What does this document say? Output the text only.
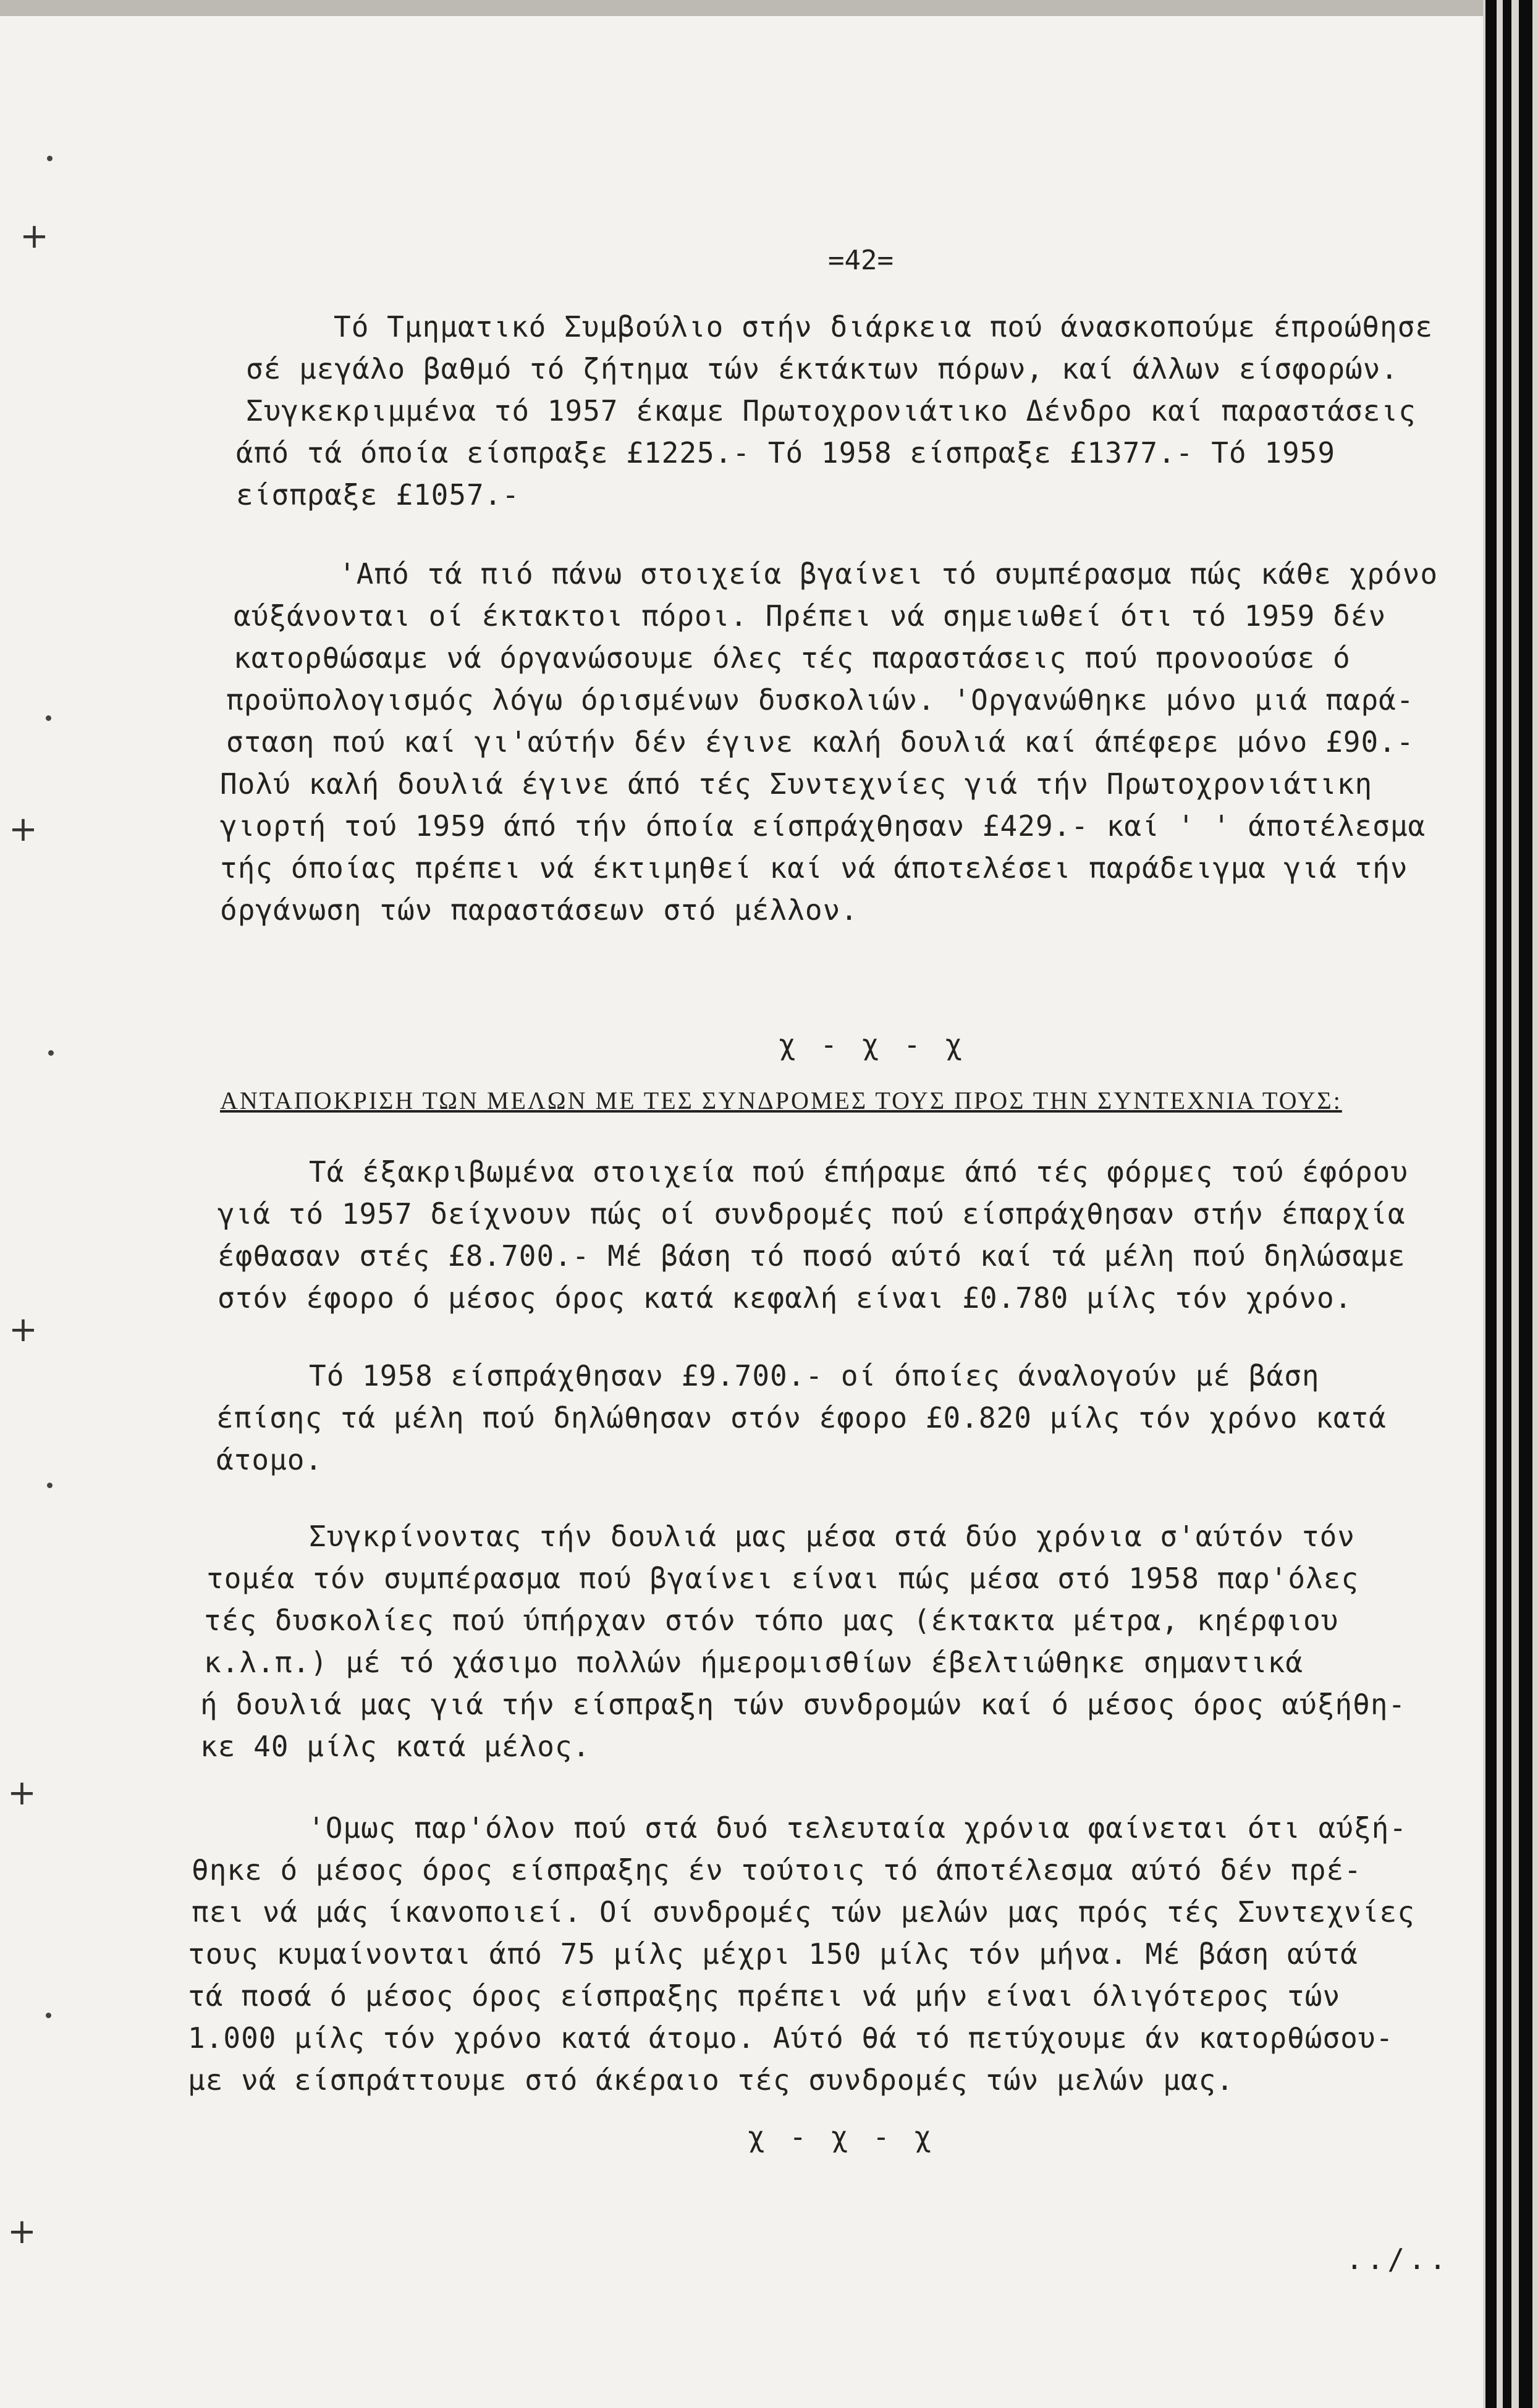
+
+
+
+
+
=42=
Τό Τμηματικό Συμβούλιο στήν διάρκεια πού άνασκοπούμε έπροώθησε
σέ μεγάλο βαθμό τό ζήτημα τών έκτάκτων πόρων, καί άλλων είσφορών.
Συγκεκριμμένα τό 1957 έκαμε Πρωτοχρονιάτικο Δένδρο καί παραστάσεις
άπό τά όποία είσπραξε £1225.- Τό 1958 είσπραξε £1377.- Τό 1959
είσπραξε £1057.-
'Από τά πιό πάνω στοιχεία βγαίνει τό συμπέρασμα πώς κάθε χρόνο
αύξάνονται οί έκτακτοι πόροι. Πρέπει νά σημειωθεί ότι τό 1959 δέν
κατορθώσαμε νά όργανώσουμε όλες τές παραστάσεις πού προνοούσε ό
προϋπολογισμός λόγω όρισμένων δυσκολιών. 'Οργανώθηκε μόνο μιά παρά-
σταση πού καί γι'αύτήν δέν έγινε καλή δουλιά καί άπέφερε μόνο £90.-
Πολύ καλή δουλιά έγινε άπό τές Συντεχνίες γιά τήν Πρωτοχρονιάτικη
γιορτή τού 1959 άπό τήν όποία είσπράχθησαν £429.- καί ' ' άποτέλεσμα
τής όποίας πρέπει νά έκτιμηθεί καί νά άποτελέσει παράδειγμα γιά τήν
όργάνωση τών παραστάσεων στό μέλλον.
χ - χ - χ
ΑΝΤΑΠΟΚΡΙΣΗ ΤΩΝ ΜΕΛΩΝ ΜΕ ΤΕΣ ΣΥΝΔΡΟΜΕΣ ΤΟΥΣ ΠΡΟΣ ΤΗΝ ΣΥΝΤΕΧΝΙΑ ΤΟΥΣ:
Τά έξακριβωμένα στοιχεία πού έπήραμε άπό τές φόρμες τού έφόρου
γιά τό 1957 δείχνουν πώς οί συνδρομές πού είσπράχθησαν στήν έπαρχία
έφθασαν στές £8.700.- Μέ βάση τό ποσό αύτό καί τά μέλη πού δηλώσαμε
στόν έφορο ό μέσος όρος κατά κεφαλή είναι £0.780 μίλς τόν χρόνο.
Τό 1958 είσπράχθησαν £9.700.- οί όποίες άναλογούν μέ βάση
έπίσης τά μέλη πού δηλώθησαν στόν έφορο £0.820 μίλς τόν χρόνο κατά
άτομο.
Συγκρίνοντας τήν δουλιά μας μέσα στά δύο χρόνια σ'αύτόν τόν
τομέα τόν συμπέρασμα πού βγαίνει είναι πώς μέσα στό 1958 παρ'όλες
τές δυσκολίες πού ύπήρχαν στόν τόπο μας (έκτακτα μέτρα, κηέρφιου
κ.λ.π.) μέ τό χάσιμο πολλών ήμερομισθίων έβελτιώθηκε σημαντικά
ή δουλιά μας γιά τήν είσπραξη τών συνδρομών καί ό μέσος όρος αύξήθη-
κε 40 μίλς κατά μέλος.
'Ομως παρ'όλον πού στά δυό τελευταία χρόνια φαίνεται ότι αύξή-
θηκε ό μέσος όρος είσπραξης έν τούτοις τό άποτέλεσμα αύτό δέν πρέ-
πει νά μάς ίκανοποιεί. Οί συνδρομές τών μελών μας πρός τές Συντεχνίες
τους κυμαίνονται άπό 75 μίλς μέχρι 150 μίλς τόν μήνα. Μέ βάση αύτά
τά ποσά ό μέσος όρος είσπραξης πρέπει νά μήν είναι όλιγότερος τών
1.000 μίλς τόν χρόνο κατά άτομο. Αύτό θά τό πετύχουμε άν κατορθώσου-
με νά είσπράττουμε στό άκέραιο τές συνδρομές τών μελών μας.
χ - χ - χ
../..
